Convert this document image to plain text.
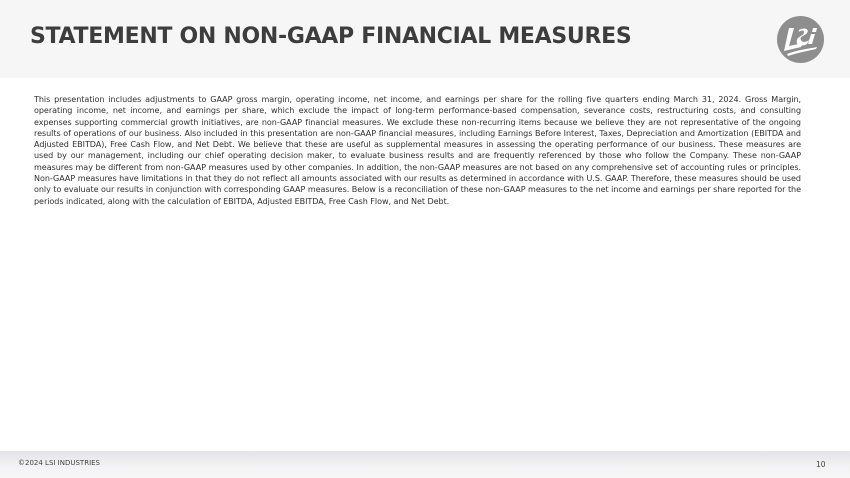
STATEMENT ON NON-GAAP FINANCIAL MEASURES
This presentation includes adjustments to GAAP gross margin, operating income, net income, and earnings per share for the rolling five quarters ending March 31, 2024. Gross Margin, operating income, net income, and earnings per share, which exclude the impact of long-term performance-based compensation, severance costs, restructuring costs, and consulting expenses supporting commercial growth initiatives, are non-GAAP financial measures. We exclude these non-recurring items because we believe they are not representative of the ongoing results of operations of our business. Also included in this presentation are non-GAAP financial measures, including Earnings Before Interest, Taxes, Depreciation and Amortization (EBITDA and Adjusted EBITDA), Free Cash Flow, and Net Debt. We believe that these are useful as supplemental measures in assessing the operating performance of our business. These measures are used by our management, including our chief operating decision maker, to evaluate business results and are frequently referenced by those who follow the Company. These non-GAAP measures may be different from non-GAAP measures used by other companies. In addition, the non-GAAP measures are not based on any comprehensive set of accounting rules or principles. Non-GAAP measures have limitations in that they do not reflect all amounts associated with our results as determined in accordance with U.S. GAAP. Therefore, these measures should be used only to evaluate our results in conjunction with corresponding GAAP measures. Below is a reconciliation of these non-GAAP measures to the net income and earnings per share reported for the periods indicated, along with the calculation of EBITDA, Adjusted EBITDA, Free Cash Flow, and Net Debt.
©2024 LSI INDUSTRIES	10
